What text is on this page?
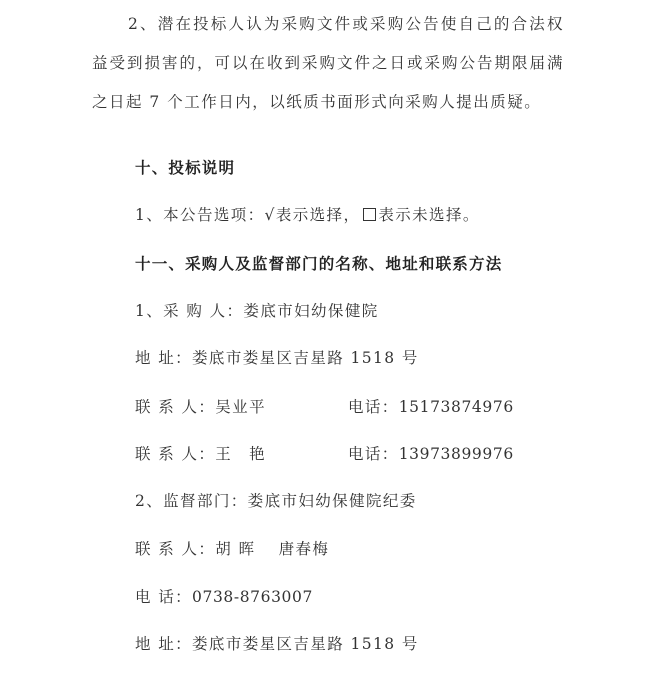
2、潜在投标人认为采购文件或采购公告使自己的合法权益受到损害的，可以在收到采购文件之日或采购公告期限届满之日起 7 个工作日内，以纸质书面形式向采购人提出质疑。
十、投标说明
1、本公告选项：√表示选择， 表示未选择。
十一、采购人及监督部门的名称、地址和联系方法
1、采 购 人：娄底市妇幼保健院
地 址：娄底市娄星区吉星路 1518 号
联 系 人：吴业平	电话：15173874976
联 系 人：王　艳	电话：13973899976
2、监督部门：娄底市妇幼保健院纪委
联 系 人：胡 晖　 唐春梅
电 话：0738-8763007
地 址：娄底市娄星区吉星路 1518 号
